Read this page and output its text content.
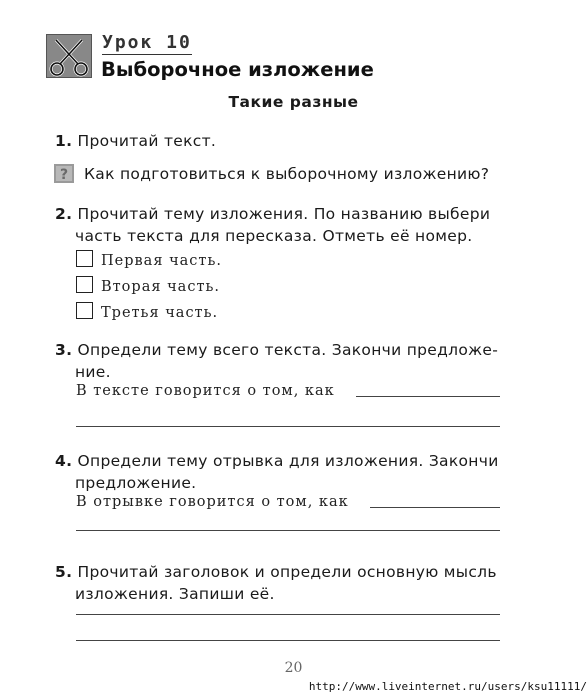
Урок 10
Выборочное изложение
Такие разные
1. Прочитай текст.
? Как подготовиться к выборочному изложению?
2. Прочитай тему изложения. По названию выбери
часть текста для пересказа. Отметь её номер.
Первая часть.
Вторая часть.
Третья часть.
3. Определи тему всего текста. Закончи предложе-
ние.
В тексте говорится о том, как
4. Определи тему отрывка для изложения. Закончи
предложение.
В отрывке говорится о том, как
5. Прочитай заголовок и определи основную мысль
изложения. Запиши её.
20
http://www.liveinternet.ru/users/ksu11111/
